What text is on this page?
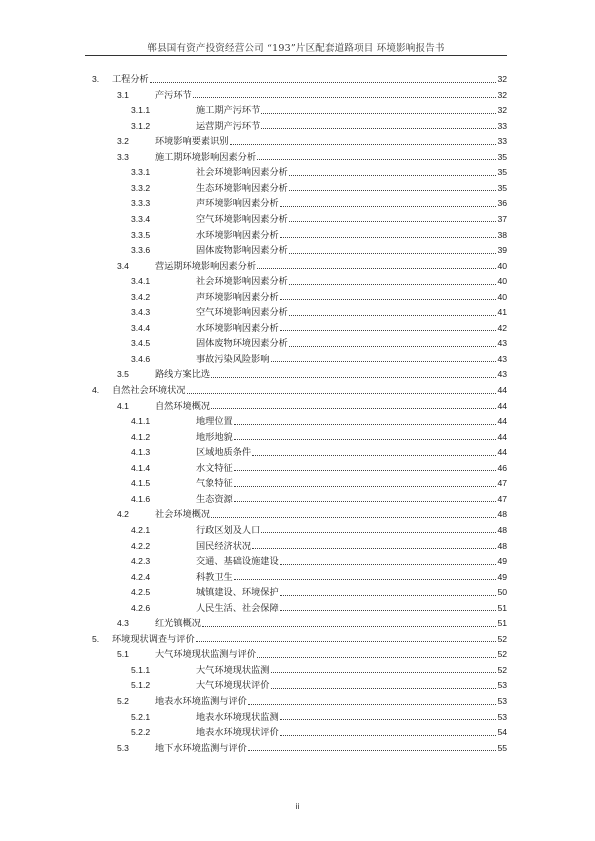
郸县国有资产投资经营公司 “193”片区配套道路项目 环境影响报告书
3. 工程分析	32
3.1	产污环节	32
3.1.1	施工期产污环节	32
3.1.2	运营期产污环节	33
3.2	环境影响要素识别	33
3.3	施工期环境影响因素分析	35
3.3.1	社会环境影响因素分析	35
3.3.2	生态环境影响因素分析	35
3.3.3	声环境影响因素分析	36
3.3.4	空气环境影响因素分析	37
3.3.5	水环境影响因素分析	38
3.3.6	固体废物影响因素分析	39
3.4	营运期环境影响因素分析	40
3.4.1	社会环境影响因素分析	40
3.4.2	声环境影响因素分析	40
3.4.3	空气环境影响因素分析	41
3.4.4	水环境影响因素分析	42
3.4.5	固体废物环境因素分析	43
3.4.6	事故污染风险影响	43
3.5	路线方案比选	43
4. 自然社会环境状况	44
4.1	自然环境概况	44
4.1.1	地理位置	44
4.1.2	地形地貌	44
4.1.3	区域地质条件	44
4.1.4	水文特征	46
4.1.5	气象特征	47
4.1.6	生态资源	47
4.2	社会环境概况	48
4.2.1	行政区划及人口	48
4.2.2	国民经济状况	48
4.2.3	交通、基础设施建设	49
4.2.4	科教卫生	49
4.2.5	城镇建设、环境保护	50
4.2.6	人民生活、社会保障	51
4.3	红光镇概况	51
5. 环境现状调查与评价	52
5.1	大气环境现状监测与评价	52
5.1.1	大气环境现状监测	52
5.1.2	大气环境现状评价	53
5.2	地表水环境监测与评价	53
5.2.1	地表水环境现状监测	53
5.2.2	地表水环境现状评价	54
5.3	地下水环境监测与评价	55
ii
